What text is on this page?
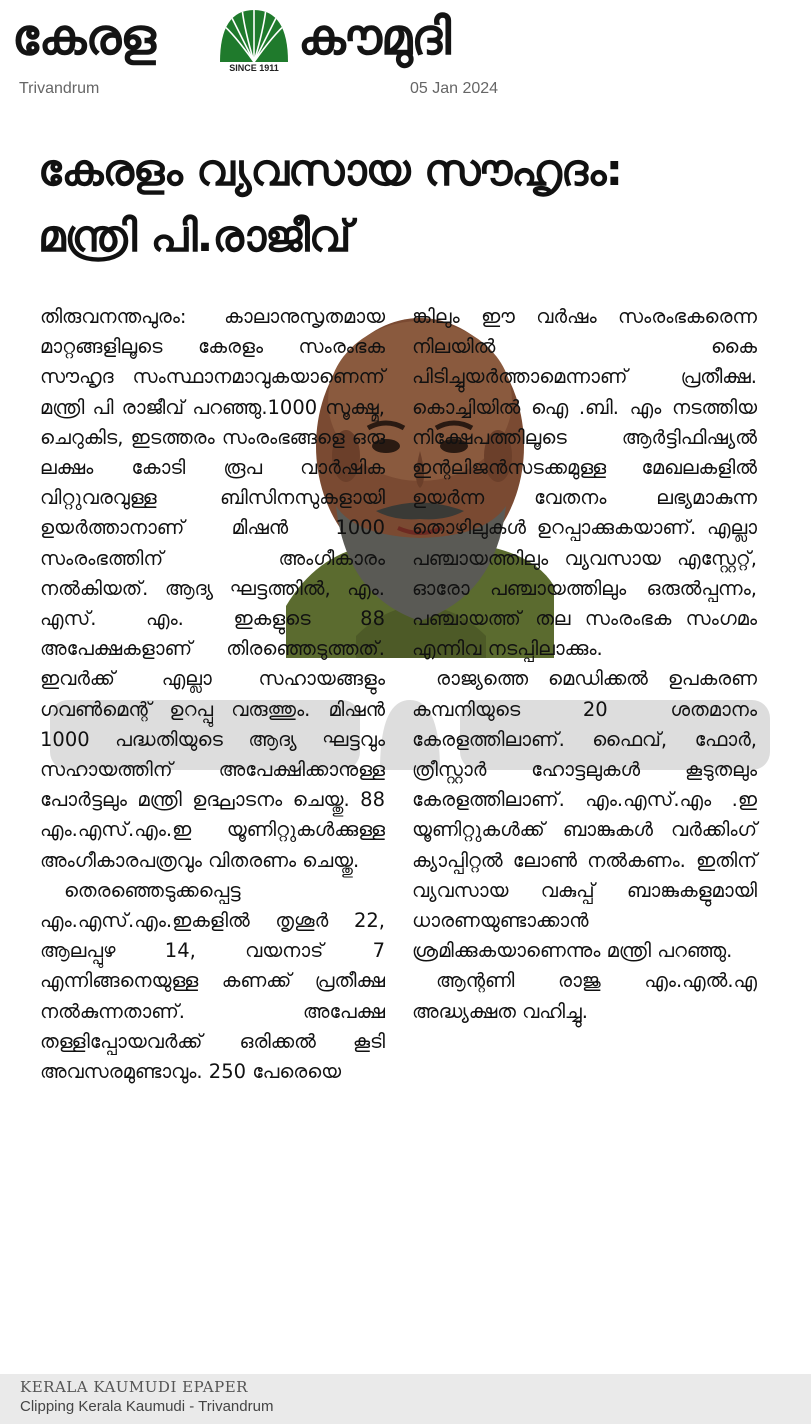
കേരള
SINCE 1911
കൗമുദി
Trivandrum	05 Jan 2024
കേരളം വ്യവസായ സൗഹൃദം:
മന്ത്രി പി.രാജീവ്

തിരുവനന്തപുരം: കാലാനുസൃതമായ മാറ്റങ്ങളിലൂടെ കേരളം സംരംഭക സൗഹൃദ സംസ്ഥാനമാവുകയാണെന്ന് മന്ത്രി പി രാജീവ് പറഞ്ഞു.1000 സൂക്ഷ്മ, ചെറുകിട, ഇടത്തരം സംരംഭങ്ങളെ ഒരു ലക്ഷം കോടി രൂപ വാർഷിക വിറ്റുവരവുള്ള ബിസിനസുകളായി ഉയർത്താനാണ് മിഷൻ 1000 സംരംഭത്തിന് അംഗീകാരം നൽകിയത്. ആദ്യ ഘട്ടത്തിൽ, എം. എസ്. എം. ഇകളുടെ 88 അപേക്ഷകളാണ് തിരഞ്ഞെടുത്തത്. ഇവർക്ക് എല്ലാ സഹായങ്ങളും ഗവൺമെന്റ് ഉറപ്പു വരുത്തും. മിഷൻ 1000 പദ്ധതിയുടെ ആദ്യ ഘട്ടവും സഹായത്തിന് അപേക്ഷിക്കാനുള്ള പോർട്ടലും മന്ത്രി ഉദ്ഘാടനം ചെയ്തു. 88 എം.എസ്.എം.ഇ യൂണിറ്റുകൾക്കുള്ള അംഗീകാരപത്രവും വിതരണം ചെയ്തു.

തെരഞ്ഞെടുക്കപ്പെട്ട എം.എസ്.എം.ഇകളിൽ തൃശൂർ 22, ആലപ്പുഴ 14, വയനാട് 7 എന്നിങ്ങനെയുള്ള കണക്ക് പ്രതീക്ഷ നൽകുന്നതാണ്. അപേക്ഷ തള്ളിപ്പോയവർക്ക് ഒരിക്കൽ കൂടി അവസരമുണ്ടാവും. 250 പേരെയെ

ങ്കിലും ഈ വർഷം സംരംഭകരെന്ന നിലയിൽ കൈ പിടിച്ചുയർത്താമെന്നാണ് പ്രതീക്ഷ. കൊച്ചിയിൽ ഐ .ബി. എം നടത്തിയ നിക്ഷേപത്തിലൂടെ ആർട്ടിഫിഷ്യൽ ഇന്റലിജൻസടക്കമുള്ള മേഖലകളിൽ ഉയർന്ന വേതനം ലഭ്യമാകുന്ന തൊഴിലുകൾ ഉറപ്പാക്കുകയാണ്. എല്ലാ പഞ്ചായത്തിലും വ്യവസായ എസ്റ്റേറ്റ്, ഓരോ പഞ്ചായത്തിലും ഒരുൽപ്പന്നം, പഞ്ചായത്ത് തല സംരംഭക സംഗമം എന്നിവ നടപ്പിലാക്കും.

രാജ്യത്തെ മെഡിക്കൽ ഉപകരണ കമ്പനിയുടെ 20 ശതമാനം കേരളത്തിലാണ്. ഫൈവ്, ഫോർ, ത്രീസ്റ്റാർ ഹോട്ടലുകൾ കൂടുതലും കേരളത്തിലാണ്. എം.എസ്.എം .ഇ യൂണിറ്റുകൾക്ക് ബാങ്കുകൾ വർക്കിംഗ് ക്യാപ്പിറ്റൽ ലോൺ നൽകണം. ഇതിന് വ്യവസായ വകുപ്പ് ബാങ്കുകളുമായി ധാരണയുണ്ടാക്കാൻ ശ്രമിക്കുകയാണെന്നും മന്ത്രി പറഞ്ഞു.

ആന്റണി രാജു എം.എൽ.എ അദ്ധ്യക്ഷത വഹിച്ചു.

KERALA KAUMUDI EPAPER
Clipping Kerala Kaumudi - Trivandrum
